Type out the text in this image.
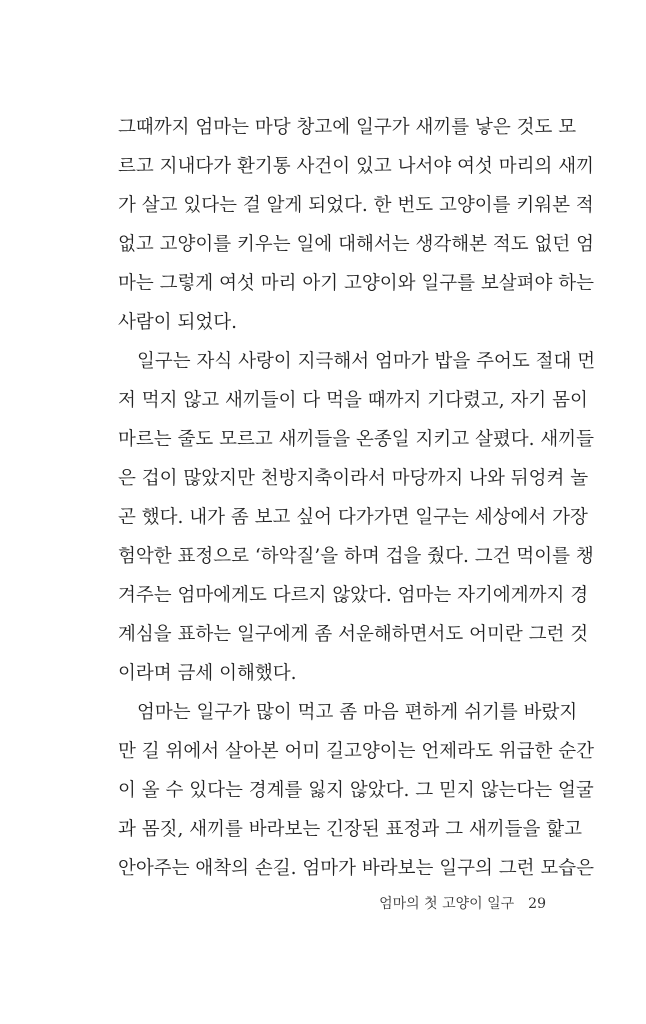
그때까지 엄마는 마당 창고에 일구가 새끼를 낳은 것도 모
르고 지내다가 환기통 사건이 있고 나서야 여섯 마리의 새끼
가 살고 있다는 걸 알게 되었다. 한 번도 고양이를 키워본 적
없고 고양이를 키우는 일에 대해서는 생각해본 적도 없던 엄
마는 그렇게 여섯 마리 아기 고양이와 일구를 보살펴야 하는
사람이 되었다.
일구는 자식 사랑이 지극해서 엄마가 밥을 주어도 절대 먼
저 먹지 않고 새끼들이 다 먹을 때까지 기다렸고, 자기 몸이
마르는 줄도 모르고 새끼들을 온종일 지키고 살폈다. 새끼들
은 겁이 많았지만 천방지축이라서 마당까지 나와 뒤엉켜 놀
곤 했다. 내가 좀 보고 싶어 다가가면 일구는 세상에서 가장
험악한 표정으로 ‘하악질’을 하며 겁을 줬다. 그건 먹이를 챙
겨주는 엄마에게도 다르지 않았다. 엄마는 자기에게까지 경
계심을 표하는 일구에게 좀 서운해하면서도 어미란 그런 것
이라며 금세 이해했다.
엄마는 일구가 많이 먹고 좀 마음 편하게 쉬기를 바랐지
만 길 위에서 살아본 어미 길고양이는 언제라도 위급한 순간
이 올 수 있다는 경계를 잃지 않았다. 그 믿지 않는다는 얼굴
과 몸짓, 새끼를 바라보는 긴장된 표정과 그 새끼들을 핥고
안아주는 애착의 손길. 엄마가 바라보는 일구의 그런 모습은
엄마의 첫 고양이 일구 29
